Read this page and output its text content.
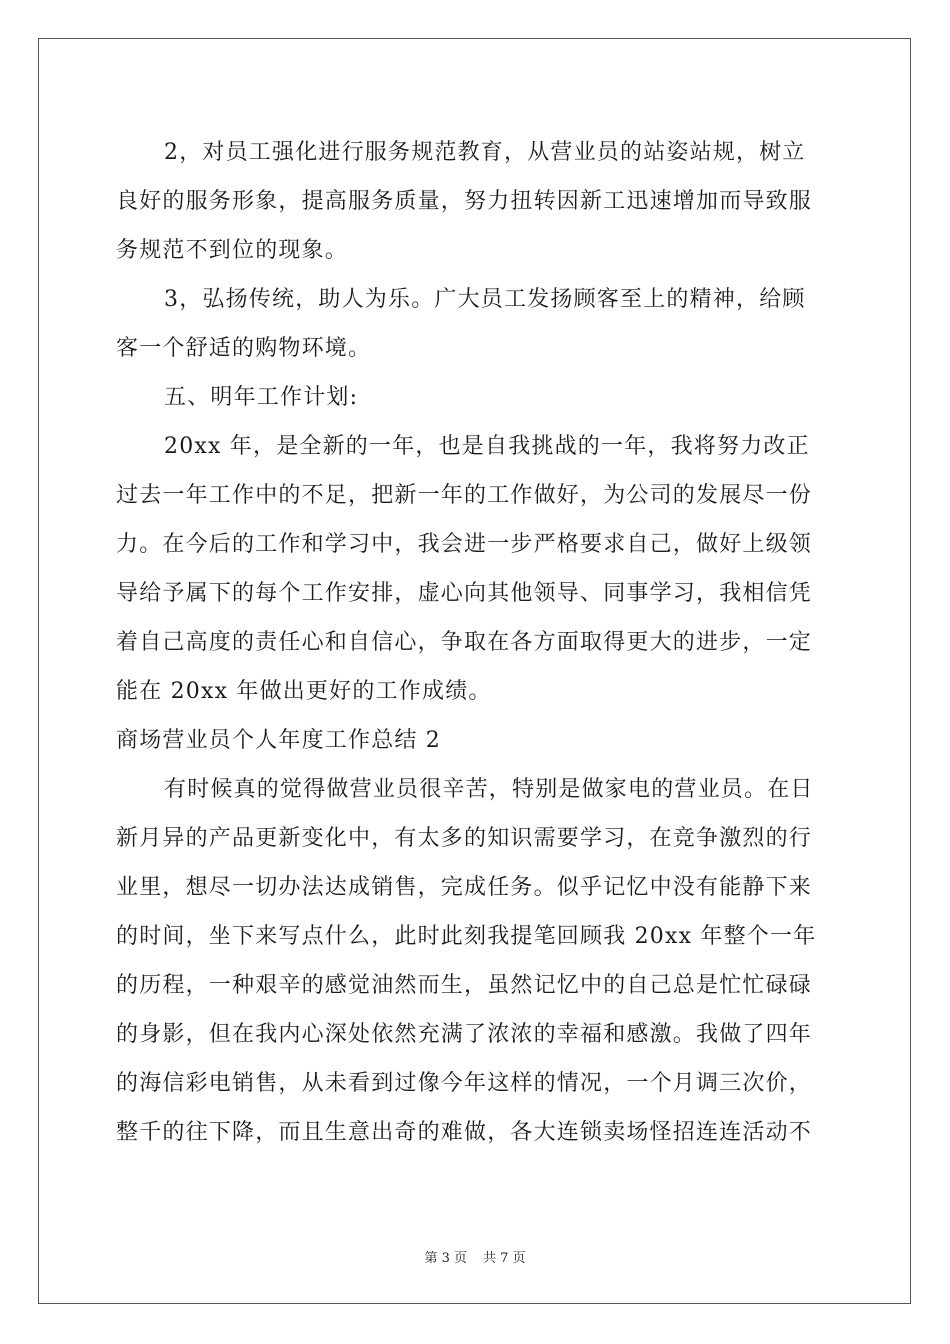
2，对员工强化进行服务规范教育，从营业员的站姿站规，树立
良好的服务形象，提高服务质量，努力扭转因新工迅速增加而导致服
务规范不到位的现象。
3，弘扬传统，助人为乐。广大员工发扬顾客至上的精神，给顾
客一个舒适的购物环境。
五、明年工作计划:
20xx 年，是全新的一年，也是自我挑战的一年，我将努力改正
过去一年工作中的不足，把新一年的工作做好，为公司的发展尽一份
力。在今后的工作和学习中，我会进一步严格要求自己，做好上级领
导给予属下的每个工作安排，虚心向其他领导、同事学习，我相信凭
着自己高度的责任心和自信心，争取在各方面取得更大的进步，一定
能在 20xx 年做出更好的工作成绩。
商场营业员个人年度工作总结 2
有时候真的觉得做营业员很辛苦，特别是做家电的营业员。在日
新月异的产品更新变化中，有太多的知识需要学习，在竞争激烈的行
业里，想尽一切办法达成销售，完成任务。似乎记忆中没有能静下来
的时间，坐下来写点什么，此时此刻我提笔回顾我 20xx 年整个一年
的历程，一种艰辛的感觉油然而生，虽然记忆中的自己总是忙忙碌碌
的身影，但在我内心深处依然充满了浓浓的幸福和感激。我做了四年
的海信彩电销售，从未看到过像今年这样的情况，一个月调三次价，
整千的往下降，而且生意出奇的难做，各大连锁卖场怪招连连活动不
第 3 页 共 7 页
